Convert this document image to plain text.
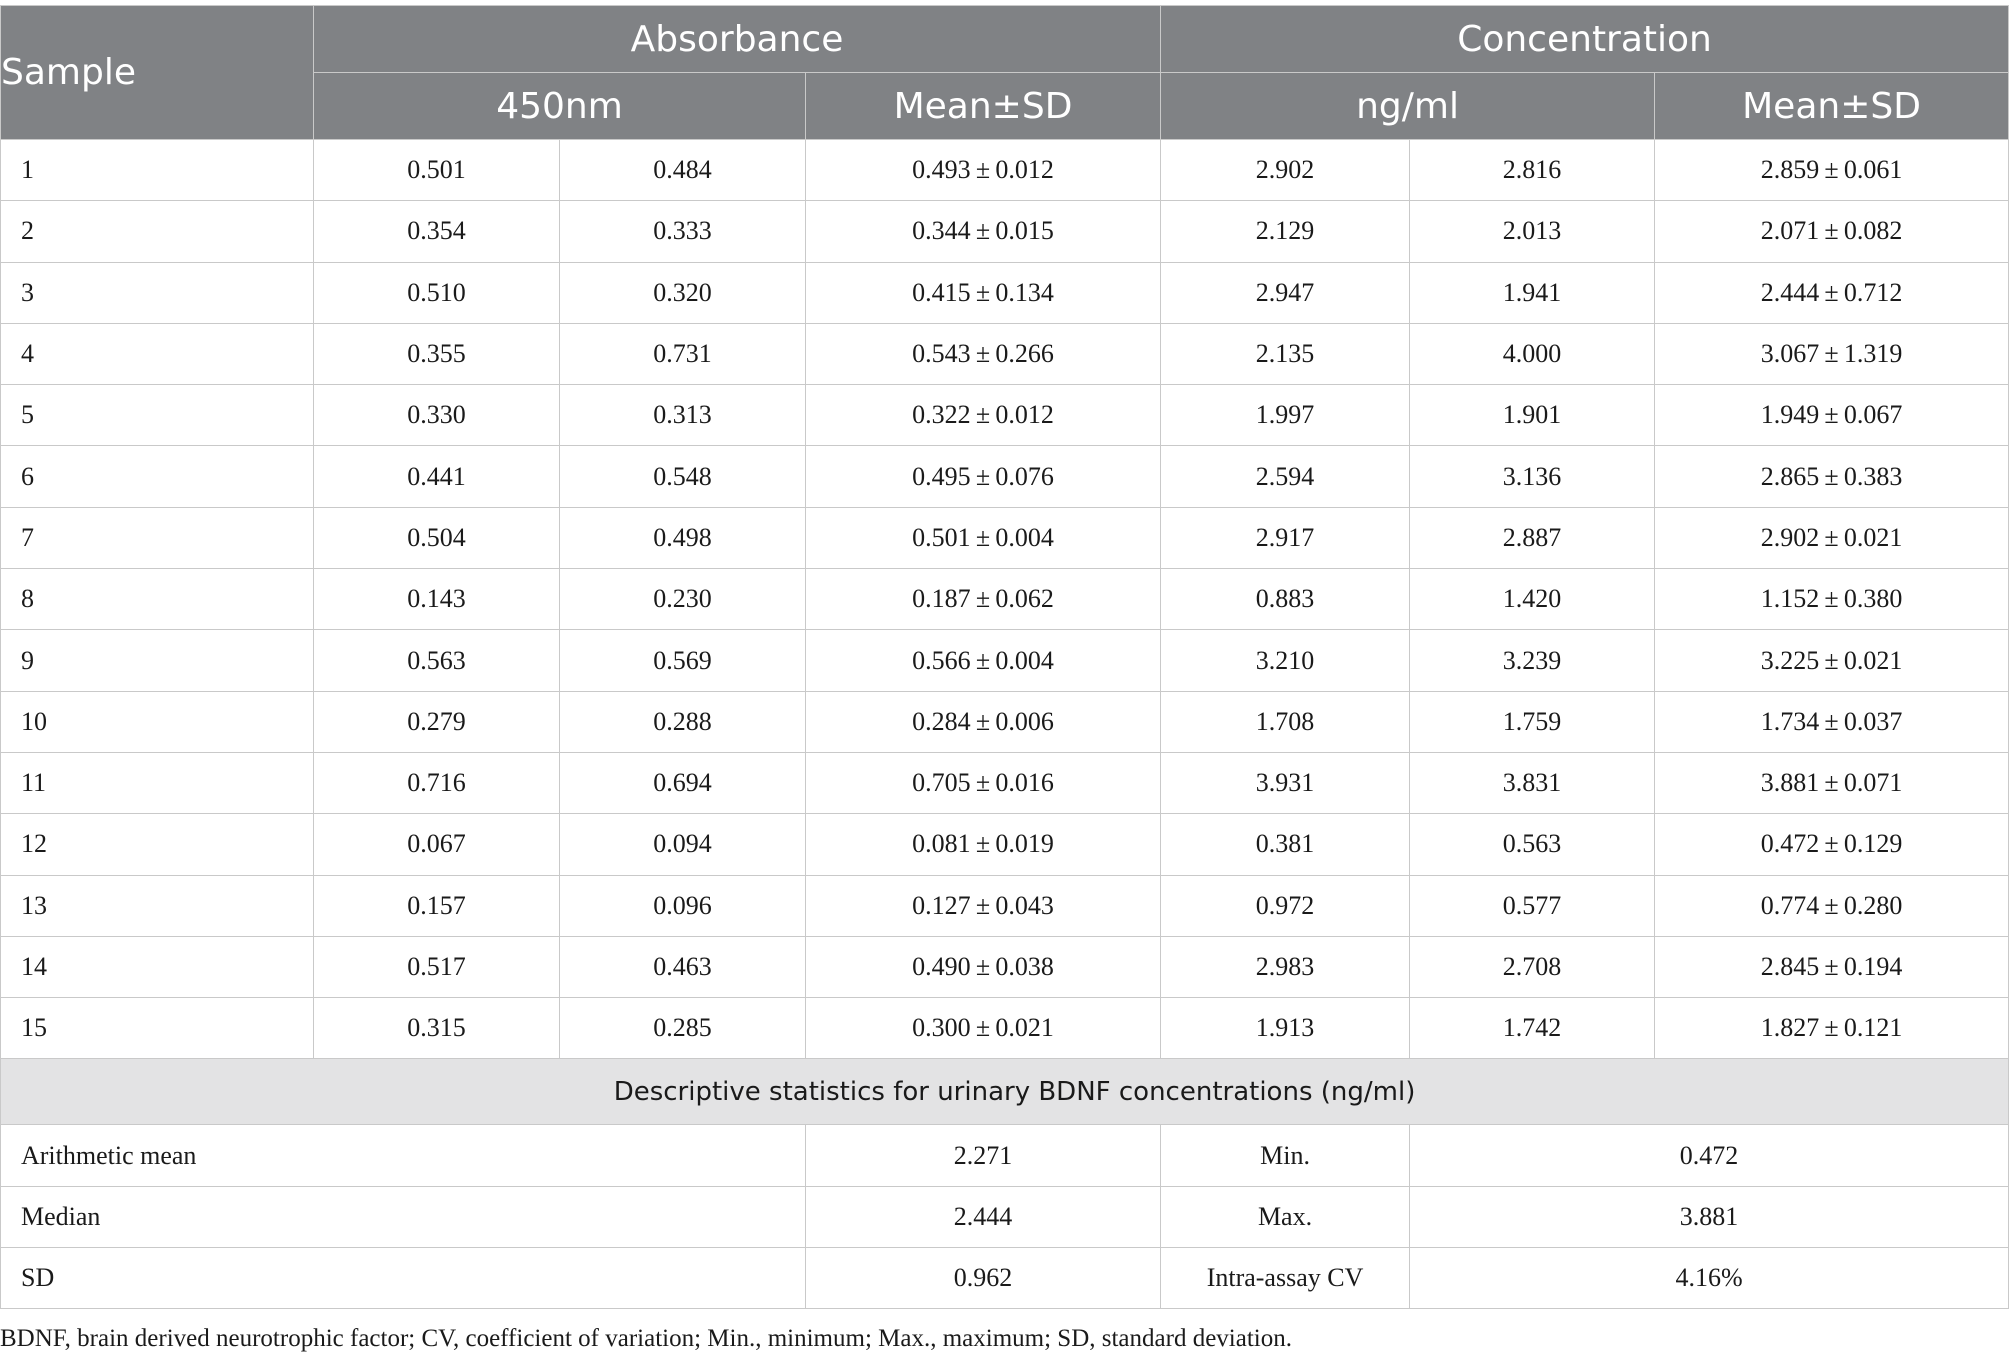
Sample	Absorbance			Concentration		
	450nm		Mean±SD	ng/ml		Mean±SD
1	0.501	0.484	0.493 ± 0.012	2.902	2.816	2.859 ± 0.061
2	0.354	0.333	0.344 ± 0.015	2.129	2.013	2.071 ± 0.082
3	0.510	0.320	0.415 ± 0.134	2.947	1.941	2.444 ± 0.712
4	0.355	0.731	0.543 ± 0.266	2.135	4.000	3.067 ± 1.319
5	0.330	0.313	0.322 ± 0.012	1.997	1.901	1.949 ± 0.067
6	0.441	0.548	0.495 ± 0.076	2.594	3.136	2.865 ± 0.383
7	0.504	0.498	0.501 ± 0.004	2.917	2.887	2.902 ± 0.021
8	0.143	0.230	0.187 ± 0.062	0.883	1.420	1.152 ± 0.380
9	0.563	0.569	0.566 ± 0.004	3.210	3.239	3.225 ± 0.021
10	0.279	0.288	0.284 ± 0.006	1.708	1.759	1.734 ± 0.037
11	0.716	0.694	0.705 ± 0.016	3.931	3.831	3.881 ± 0.071
12	0.067	0.094	0.081 ± 0.019	0.381	0.563	0.472 ± 0.129
13	0.157	0.096	0.127 ± 0.043	0.972	0.577	0.774 ± 0.280
14	0.517	0.463	0.490 ± 0.038	2.983	2.708	2.845 ± 0.194
15	0.315	0.285	0.300 ± 0.021	1.913	1.742	1.827 ± 0.121
Descriptive statistics for urinary BDNF concentrations (ng/ml)						
Arithmetic mean			2.271	Min.	0.472	
Median			2.444	Max.	3.881	
SD			0.962	Intra-assay CV	4.16%	
BDNF, brain derived neurotrophic factor; CV, coefficient of variation; Min., minimum; Max., maximum; SD, standard deviation.
